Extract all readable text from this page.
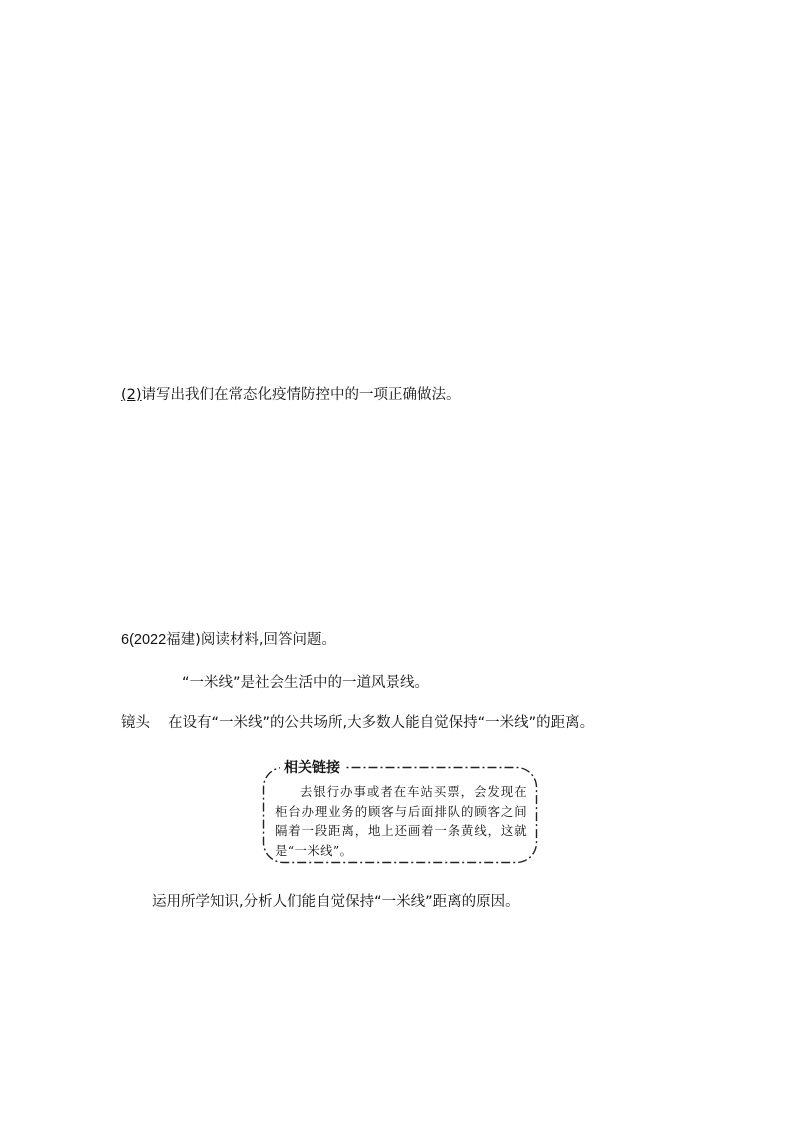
(2)请写出我们在常态化疫情防控中的一项正确做法。
6(2022福建)阅读材料,回答问题。
“一米线”是社会生活中的一道风景线。
镜头 在设有“一米线”的公共场所,大多数人能自觉保持“一米线”的距离。
相关链接
去银行办事或者在车站买票，会发现在柜台办理业务的顾客与后面排队的顾客之间隔着一段距离，地上还画着一条黄线，这就是“一米线”。
运用所学知识,分析人们能自觉保持“一米线”距离的原因。
